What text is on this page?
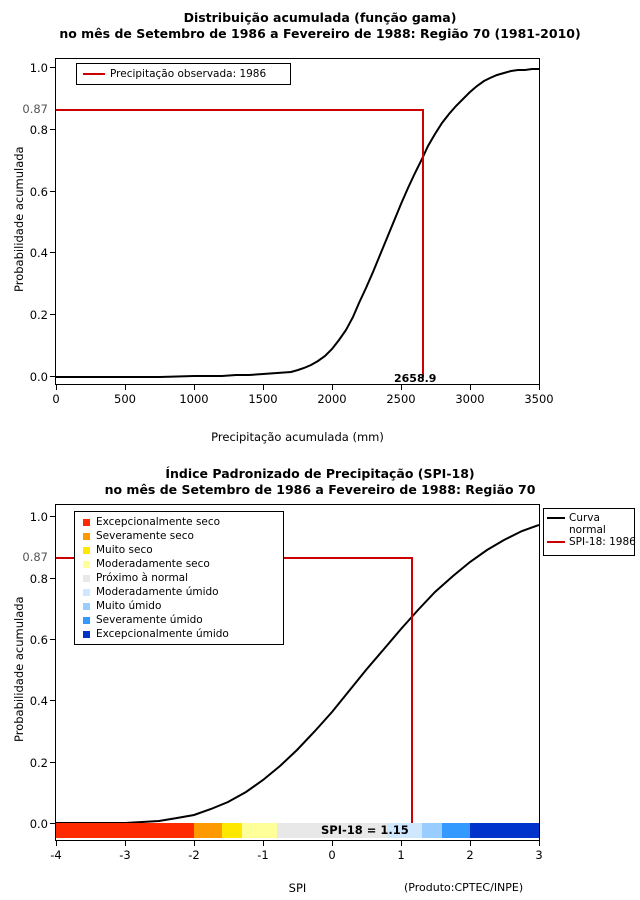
Distribuição acumulada (função gama)
no mês de Setembro de 1986 a Fevereiro de 1988: Região 70 (1981-2010)
Precipitação observada: 1986
0.0
0.2
0.4
0.6
0.8
1.0
0.87
0	500	1000	1500	2000	2500	3000	3500
2658.9
Precipitação acumulada (mm)
Probabilidade acumulada
Índice Padronizado de Precipitação (SPI-18)
no mês de Setembro de 1986 a Fevereiro de 1988: Região 70
SPI-18 = 1.15
Excepcionalmente seco
Severamente seco
Muito seco
Moderadamente seco
Próximo à normal
Moderadamente úmido
Muito úmido
Severamente úmido
Excepcionalmente úmido
Curva
normal
SPI-18: 1986
0.0
0.2
0.4
0.6
0.8
1.0
0.87
-4	-3	-2	-1	0	1	2	3
SPI
Probabilidade acumulada
(Produto:CPTEC/INPE)
